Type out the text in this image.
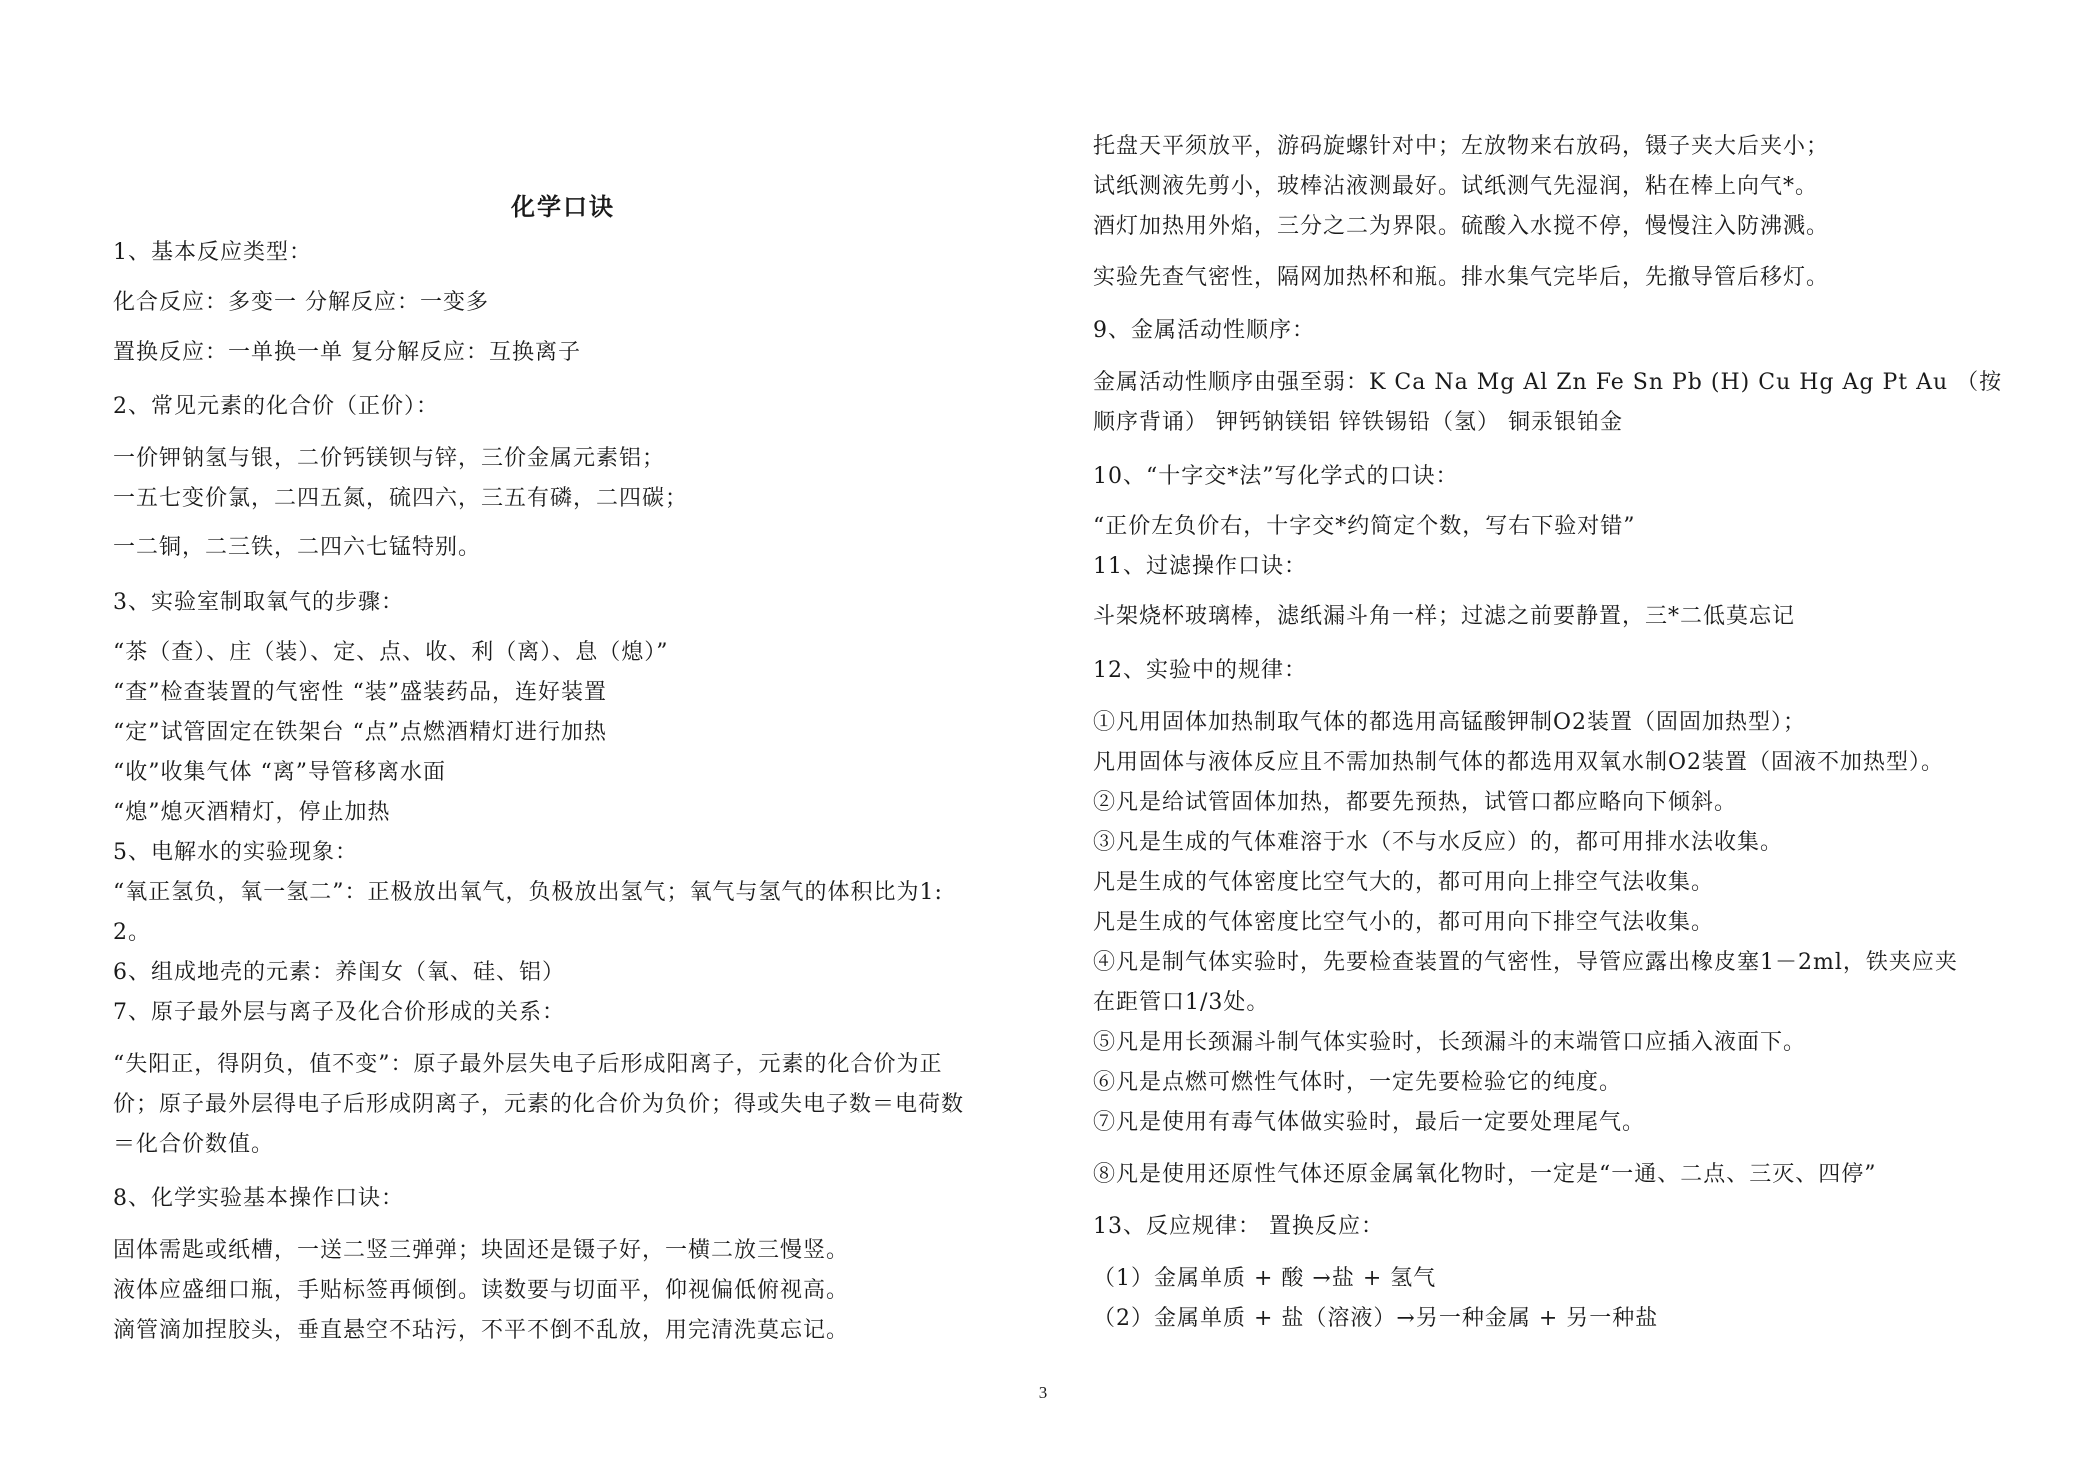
化学口诀
1、基本反应类型：
化合反应：多变一 分解反应：一变多
置换反应：一单换一单 复分解反应：互换离子
2、常见元素的化合价（正价）：
一价钾钠氢与银，二价钙镁钡与锌，三价金属元素铝；
一五七变价氯，二四五氮，硫四六，三五有磷，二四碳；
一二铜，二三铁，二四六七锰特别。
3、实验室制取氧气的步骤：
“茶（查）、庄（装）、定、点、收、利（离）、息（熄）”
“查”检查装置的气密性 “装”盛装药品，连好装置
“定”试管固定在铁架台 “点”点燃酒精灯进行加热
“收”收集气体 “离”导管移离水面
“熄”熄灭酒精灯，停止加热
5、电解水的实验现象：
“氧正氢负，氧一氢二”：正极放出氧气，负极放出氢气；氧气与氢气的体积比为1:
2。
6、组成地壳的元素：养闺女（氧、硅、铝）
7、原子最外层与离子及化合价形成的关系：
“失阳正，得阴负，值不变”：原子最外层失电子后形成阳离子，元素的化合价为正
价；原子最外层得电子后形成阴离子，元素的化合价为负价；得或失电子数＝电荷数
＝化合价数值。
8、化学实验基本操作口诀：
固体需匙或纸槽，一送二竖三弹弹；块固还是镊子好，一横二放三慢竖。
液体应盛细口瓶，手贴标签再倾倒。读数要与切面平，仰视偏低俯视高。
滴管滴加捏胶头，垂直悬空不玷污，不平不倒不乱放，用完清洗莫忘记。
托盘天平须放平，游码旋螺针对中；左放物来右放码，镊子夹大后夹小；
试纸测液先剪小，玻棒沾液测最好。试纸测气先湿润，粘在棒上向气*。
酒灯加热用外焰，三分之二为界限。硫酸入水搅不停，慢慢注入防沸溅。
实验先查气密性，隔网加热杯和瓶。排水集气完毕后，先撤导管后移灯。
9、金属活动性顺序：
金属活动性顺序由强至弱：K Ca Na Mg Al Zn Fe Sn Pb (H) Cu Hg Ag Pt Au （按
顺序背诵） 钾钙钠镁铝 锌铁锡铅（氢） 铜汞银铂金
10、“十字交*法”写化学式的口诀：
“正价左负价右，十字交*约简定个数，写右下验对错”
11、过滤操作口诀：
斗架烧杯玻璃棒，滤纸漏斗角一样；过滤之前要静置，三*二低莫忘记
12、实验中的规律：
①凡用固体加热制取气体的都选用高锰酸钾制O2装置（固固加热型）；
凡用固体与液体反应且不需加热制气体的都选用双氧水制O2装置（固液不加热型）。
②凡是给试管固体加热，都要先预热，试管口都应略向下倾斜。
③凡是生成的气体难溶于水（不与水反应）的，都可用排水法收集。
凡是生成的气体密度比空气大的，都可用向上排空气法收集。
凡是生成的气体密度比空气小的，都可用向下排空气法收集。
④凡是制气体实验时，先要检查装置的气密性，导管应露出橡皮塞1－2ml，铁夹应夹
在距管口1/3处。
⑤凡是用长颈漏斗制气体实验时，长颈漏斗的末端管口应插入液面下。
⑥凡是点燃可燃性气体时，一定先要检验它的纯度。
⑦凡是使用有毒气体做实验时，最后一定要处理尾气。
⑧凡是使用还原性气体还原金属氧化物时，一定是“一通、二点、三灭、四停”
13、反应规律： 置换反应：
（1）金属单质 + 酸 →盐 + 氢气
（2）金属单质 + 盐（溶液）→另一种金属 + 另一种盐
3
